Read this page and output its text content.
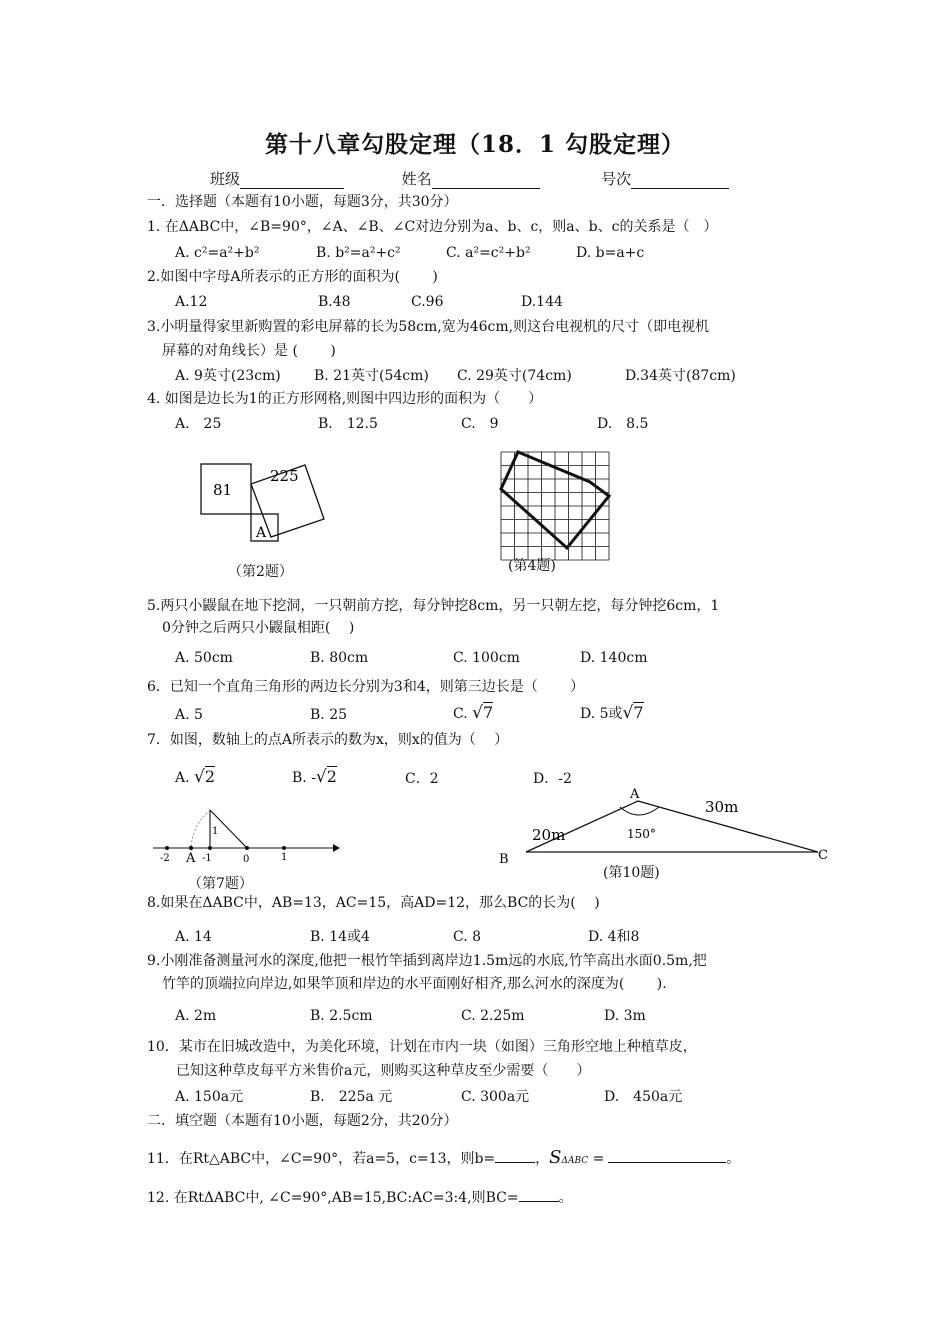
第十八章勾股定理（18．1 勾股定理）
班级	姓名	号次
一．选择题（本题有10小题，每题3分，共30分）
1. 在ΔABC中，∠B=90°，∠A、∠B、∠C对边分别为a、b、c，则a、b、c的关系是（　）
A. c²=a²+b²	B. b²=a²+c²	C. a²=c²+b²	D. b=a+c
2.如图中字母A所表示的正方形的面积为(　　 )
A.12	B.48	C.96	D.144
3.小明量得家里新购置的彩电屏幕的长为58cm,宽为46cm,则这台电视机的尺寸（即电视机
屏幕的对角线长）是 (　　 )
A. 9英寸(23cm) B. 21英寸(54cm) C. 29英寸(74cm)	D.34英寸(87cm)
4. 如图是边长为1的正方形网格,则图中四边形的面积为（　　）
A.　25	B.　12.5	C.　9	D.　8.5
81
225
A
（第2题）	(第4题)
5.两只小鼹鼠在地下挖洞，一只朝前方挖，每分钟挖8cm，另一只朝左挖，每分钟挖6cm，1
0分钟之后两只小鼹鼠相距(　 )
A. 50cm	B. 80cm	C. 100cm	D. 140cm
6．已知一个直角三角形的两边长分别为3和4，则第三边长是（　　 ）
A. 5	B. 25	C. √7	D. 5或√7
7．如图，数轴上的点A所表示的数为x，则x的值为（　 ）
A. √2	B. -√2	C．2	D．-2
1
-2 A -1	0	1
（第7题）
A
B	C
20m
30m
150°
(第10题)
8.如果在ΔABC中，AB=13，AC=15，高AD=12，那么BC的长为(　 )
A. 14	B. 14或4	C. 8	D. 4和8
9.小刚准备测量河水的深度,他把一根竹竿插到离岸边1.5m远的水底,竹竿高出水面0.5m,把
竹竿的顶端拉向岸边,如果竿顶和岸边的水平面刚好相齐,那么河水的深度为(　　 ).
A. 2m	B. 2.5cm	C. 2.25m	D. 3m
10．某市在旧城改造中，为美化环境，计划在市内一块（如图）三角形空地上种植草皮，
已知这种草皮每平方米售价a元，则购买这种草皮至少需要（　　）
A. 150a元	B.　225a 元	C. 300a元	D.　450a元
二．填空题（本题有10小题，每题2分，共20分）
11．在Rt△ABC中，∠C=90°，若a=5，c=13，则b=	，SΔABC =	。
12. 在RtΔABC中, ∠C=90°,AB=15,BC:AC=3:4,则BC=	。
